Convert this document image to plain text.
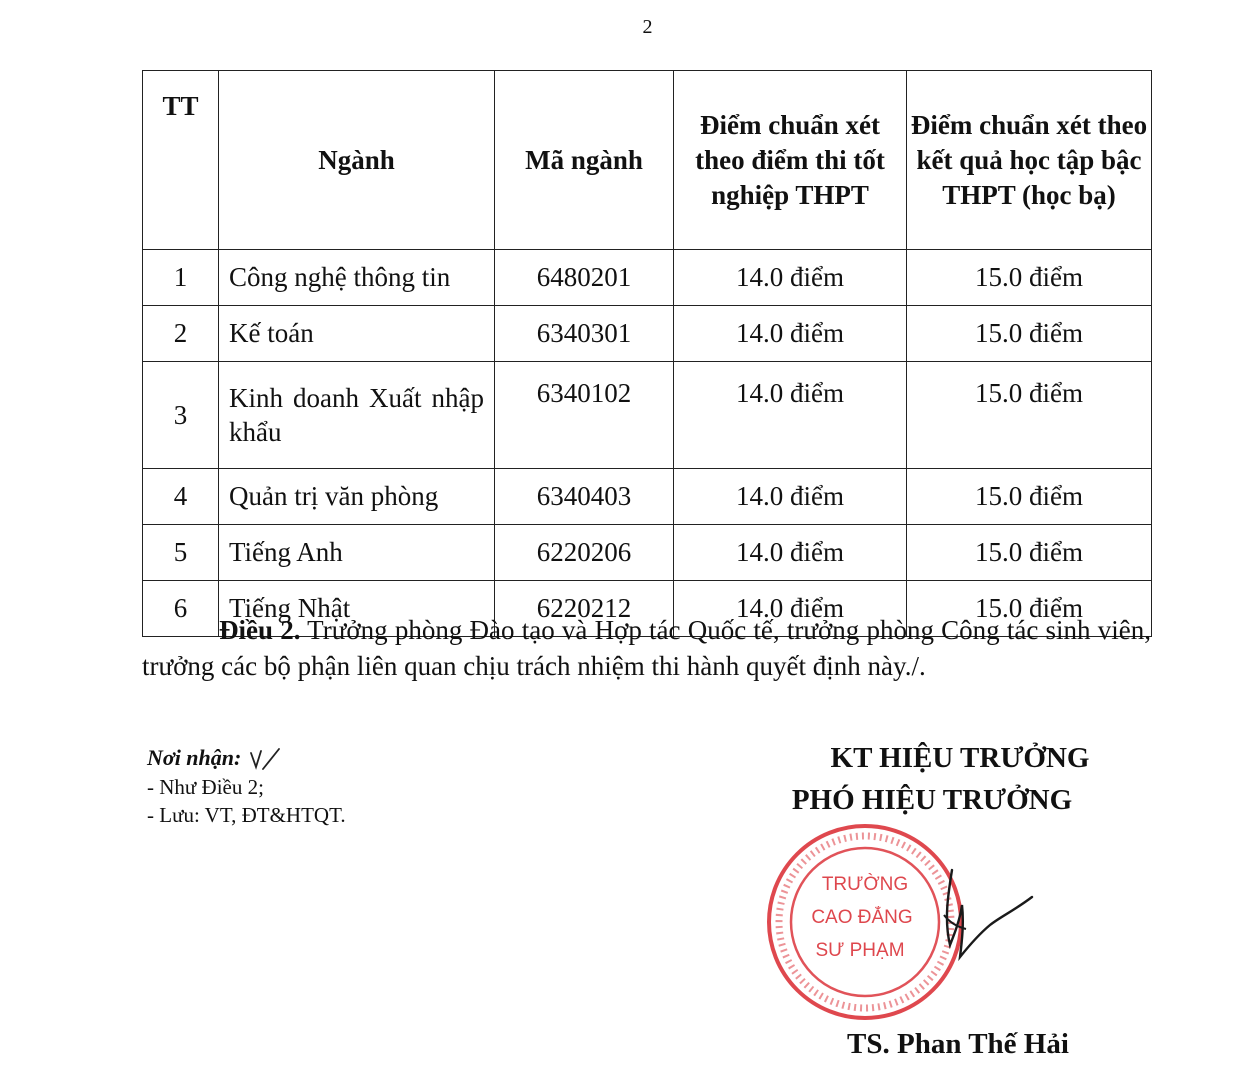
2
TT	Ngành	Mã ngành	Điểm chuẩn xét theo điểm thi tốt nghiệp THPT	Điểm chuẩn xét theo kết quả học tập bậc THPT (học bạ)
1	Công nghệ thông tin	6480201	14.0 điểm	15.0 điểm
2	Kế toán	6340301	14.0 điểm	15.0 điểm
3	Kinh doanh Xuất nhập khẩu	6340102	14.0 điểm	15.0 điểm
4	Quản trị văn phòng	6340403	14.0 điểm	15.0 điểm
5	Tiếng Anh	6220206	14.0 điểm	15.0 điểm
6	Tiếng Nhật	6220212	14.0 điểm	15.0 điểm

Điều 2. Trưởng phòng Đào tạo và Hợp tác Quốc tế, trưởng phòng Công tác sinh viên, trưởng các bộ phận liên quan chịu trách nhiệm thi hành quyết định này./.

Nơi nhận:
- Như Điều 2;
- Lưu: VT, ĐT&HTQT.
KT HIỆU TRƯỞNG
PHÓ HIỆU TRƯỞNG
TRƯỜNG
CAO ĐẲNG
SƯ PHẠM
TS. Phan Thế Hải
